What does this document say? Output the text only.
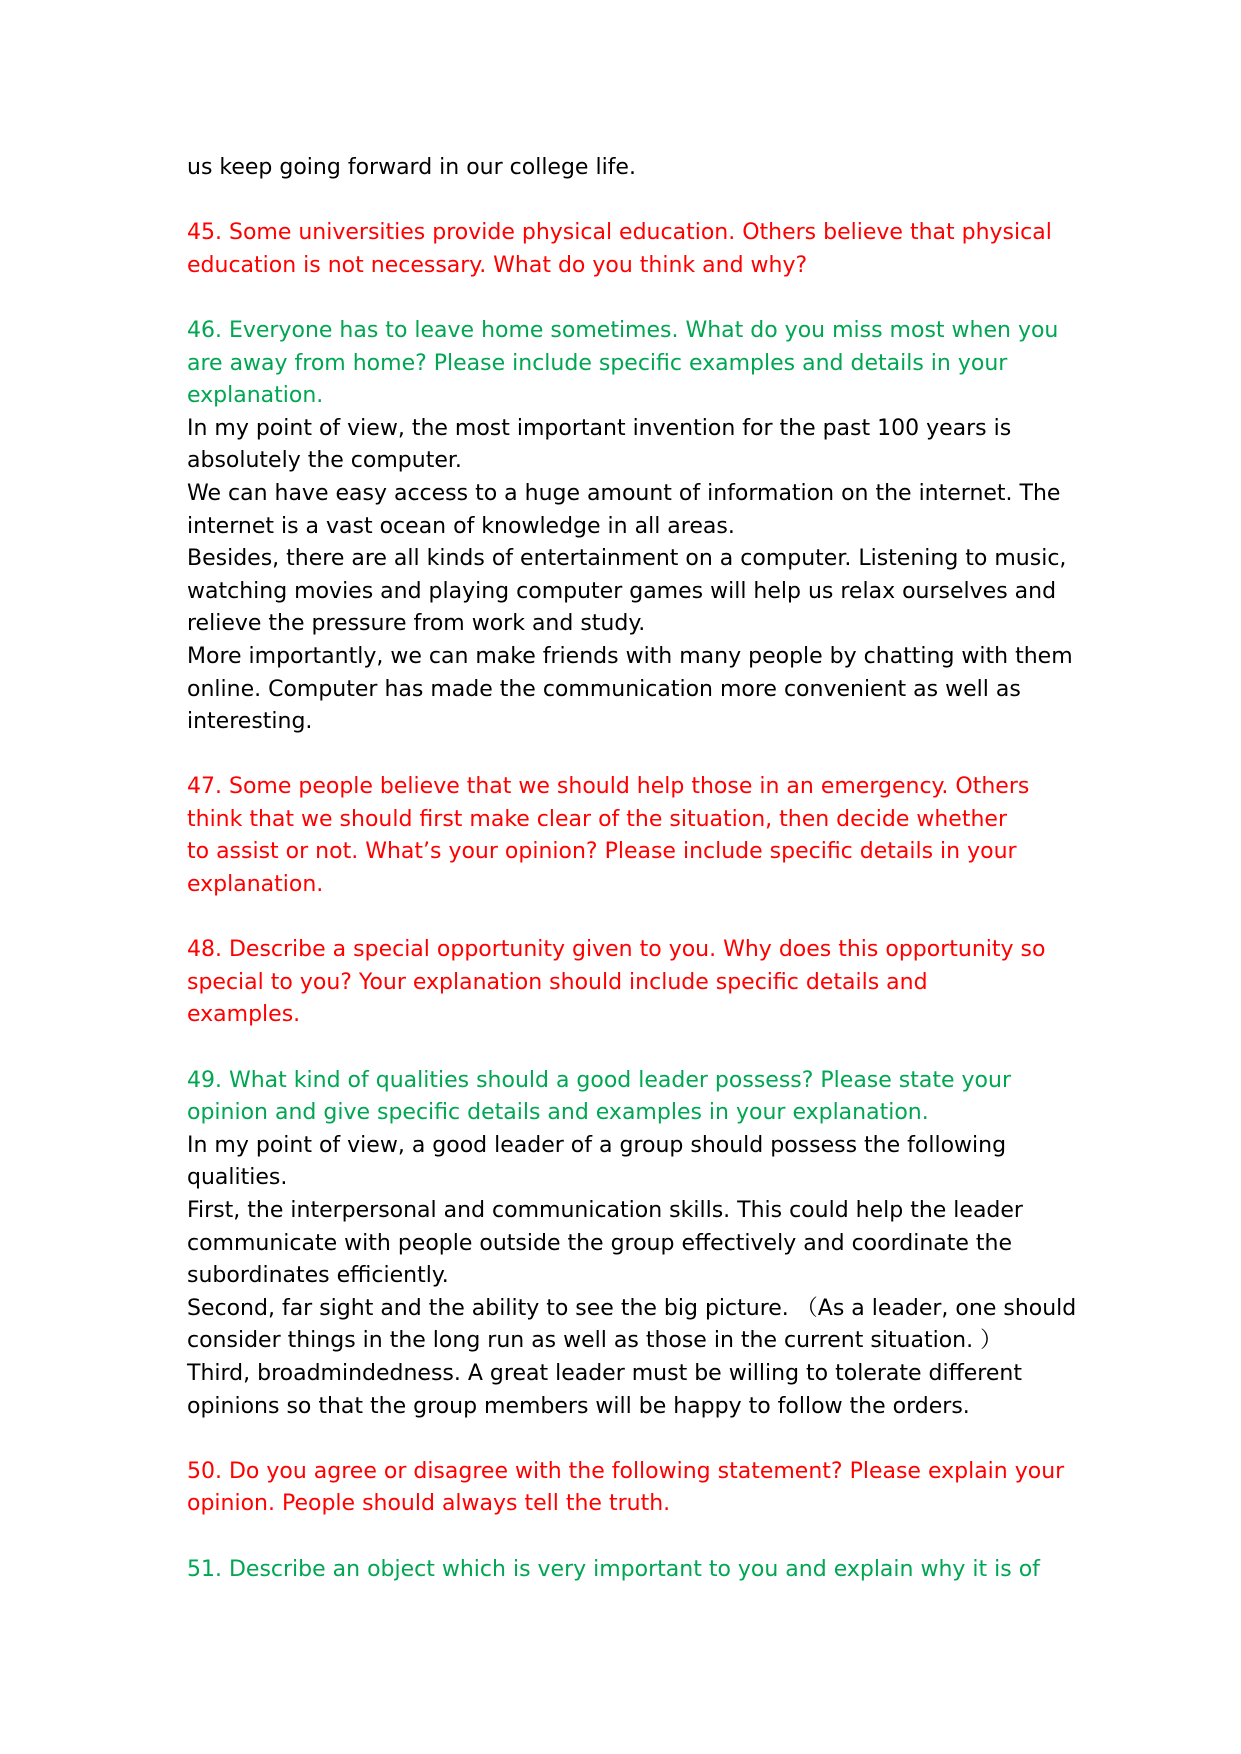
us keep going forward in our college life.
45. Some universities provide physical education. Others believe that physical
education is not necessary. What do you think and why?
46. Everyone has to leave home sometimes. What do you miss most when you
are away from home? Please include specific examples and details in your
explanation.
In my point of view, the most important invention for the past 100 years is
absolutely the computer.
We can have easy access to a huge amount of information on the internet. The
internet is a vast ocean of knowledge in all areas.
Besides, there are all kinds of entertainment on a computer. Listening to music,
watching movies and playing computer games will help us relax ourselves and
relieve the pressure from work and study.
More importantly, we can make friends with many people by chatting with them
online. Computer has made the communication more convenient as well as
interesting.
47. Some people believe that we should help those in an emergency. Others
think that we should first make clear of the situation, then decide whether
to assist or not. What’s your opinion? Please include specific details in your
explanation.
48. Describe a special opportunity given to you. Why does this opportunity so
special to you? Your explanation should include specific details and
examples.
49. What kind of qualities should a good leader possess? Please state your
opinion and give specific details and examples in your explanation.
In my point of view, a good leader of a group should possess the following
qualities.
First, the interpersonal and communication skills. This could help the leader
communicate with people outside the group effectively and coordinate the
subordinates efficiently.
Second, far sight and the ability to see the big picture. （As a leader, one should
consider things in the long run as well as those in the current situation. ）
Third, broadmindedness. A great leader must be willing to tolerate different
opinions so that the group members will be happy to follow the orders.
50. Do you agree or disagree with the following statement? Please explain your
opinion. People should always tell the truth.
51. Describe an object which is very important to you and explain why it is of
